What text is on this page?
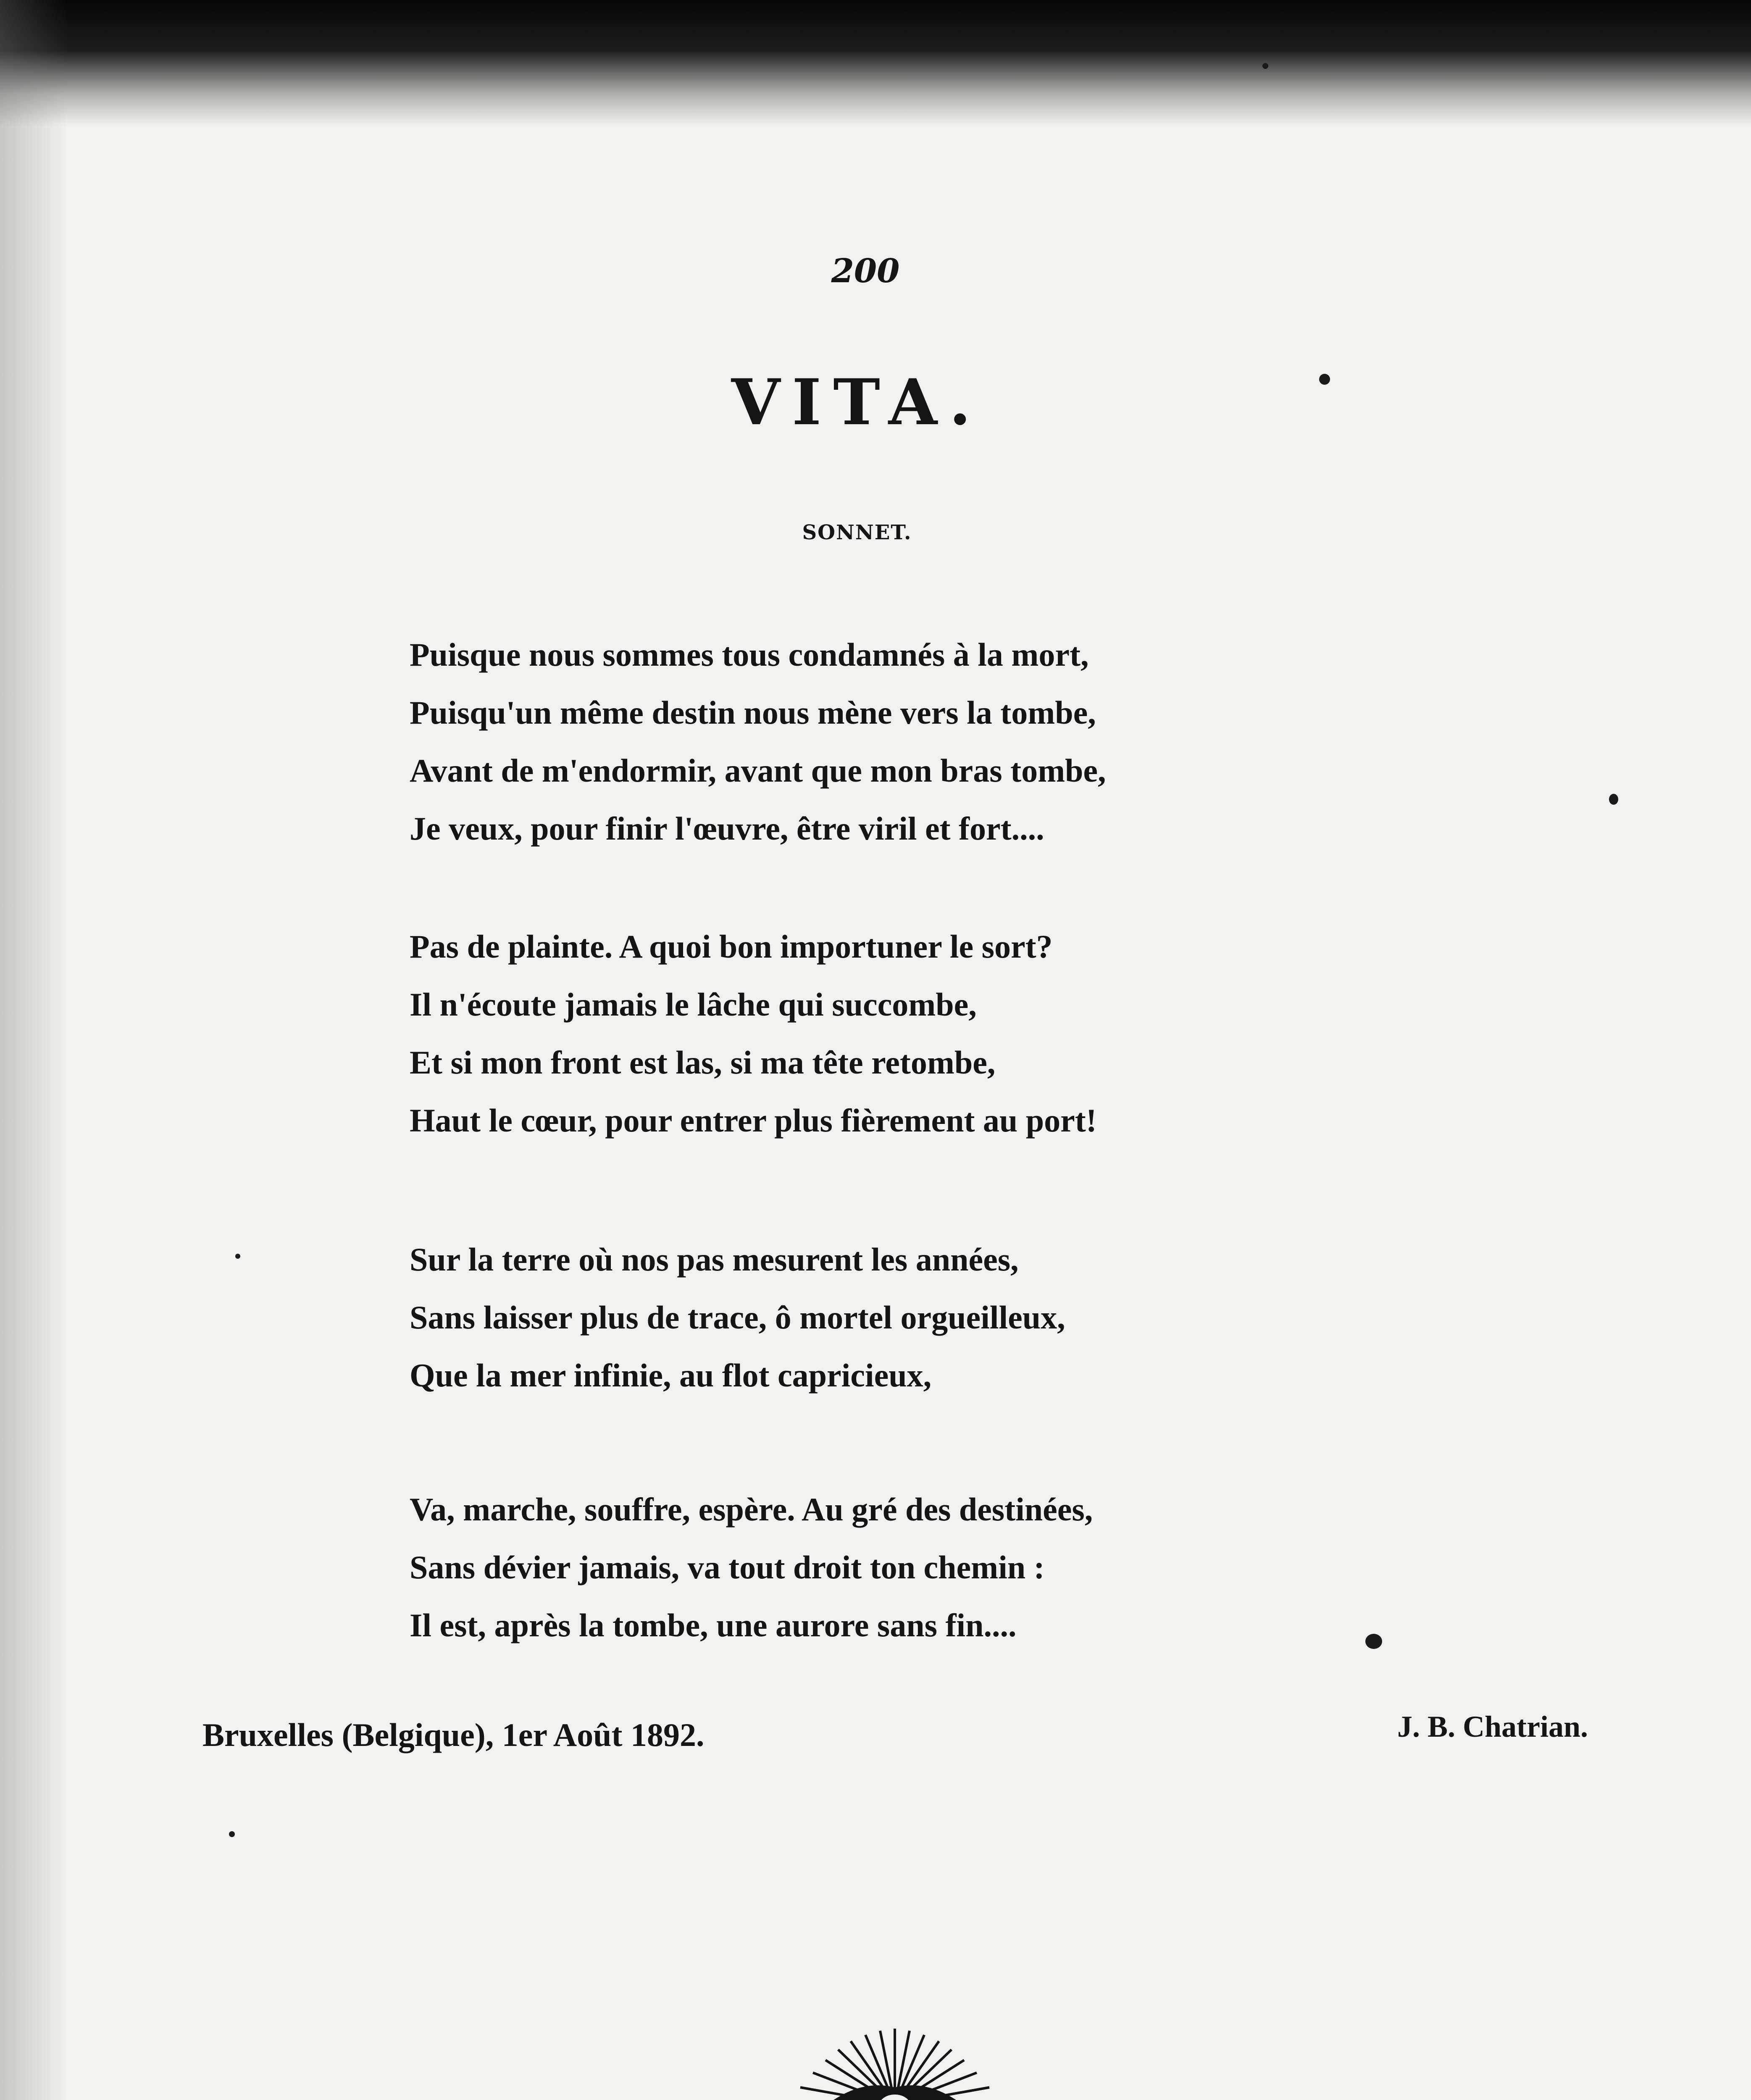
200
VITA.
SONNET.
Puisque nous sommes tous condamnés à la mort,
Puisqu'un même destin nous mène vers la tombe,
Avant de m'endormir, avant que mon bras tombe,
Je veux, pour finir l'œuvre, être viril et fort....
Pas de plainte. A quoi bon importuner le sort?
Il n'écoute jamais le lâche qui succombe,
Et si mon front est las, si ma tête retombe,
Haut le cœur, pour entrer plus fièrement au port!
Sur la terre où nos pas mesurent les années,
Sans laisser plus de trace, ô mortel orgueilleux,
Que la mer infinie, au flot capricieux,
Va, marche, souffre, espère. Au gré des destinées,
Sans dévier jamais, va tout droit ton chemin :
Il est, après la tombe, une aurore sans fin....
Bruxelles (Belgique), 1er Août 1892.	J. B. Chatrian.
